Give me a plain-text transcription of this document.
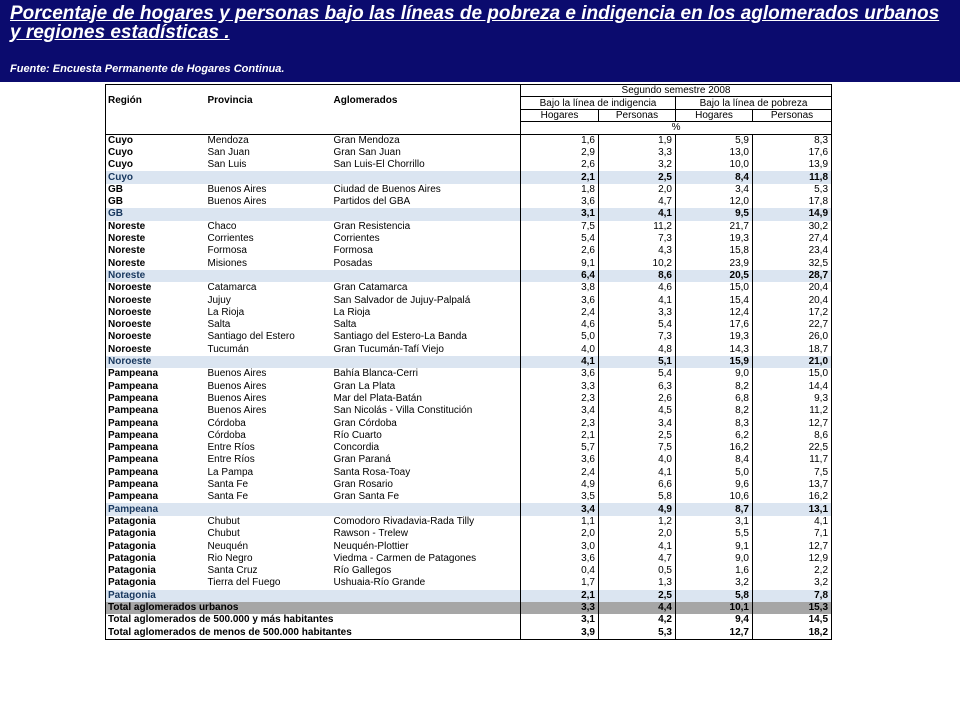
Porcentaje de hogares y personas bajo las líneas de pobreza e indigencia en los aglomerados urbanos y regiones estadísticas .
Fuente: Encuesta Permanente de Hogares Continua.
Región	Provincia	Aglomerados	Segundo semestre 2008			
			Bajo la línea de indigencia		Bajo la línea de pobreza	
			Hogares	Personas	Hogares	Personas
			%			
Cuyo	Mendoza	Gran Mendoza	1,6	1,9	5,9	8,3
Cuyo	San Juan	Gran San Juan	2,9	3,3	13,0	17,6
Cuyo	San Luis	San Luis-El Chorrillo	2,6	3,2	10,0	13,9
Cuyo			2,1	2,5	8,4	11,8
GB	Buenos Aires	Ciudad de Buenos Aires	1,8	2,0	3,4	5,3
GB	Buenos Aires	Partidos del GBA	3,6	4,7	12,0	17,8
GB			3,1	4,1	9,5	14,9
Noreste	Chaco	Gran Resistencia	7,5	11,2	21,7	30,2
Noreste	Corrientes	Corrientes	5,4	7,3	19,3	27,4
Noreste	Formosa	Formosa	2,6	4,3	15,8	23,4
Noreste	Misiones	Posadas	9,1	10,2	23,9	32,5
Noreste			6,4	8,6	20,5	28,7
Noroeste	Catamarca	Gran Catamarca	3,8	4,6	15,0	20,4
Noroeste	Jujuy	San Salvador de Jujuy-Palpalá	3,6	4,1	15,4	20,4
Noroeste	La Rioja	La Rioja	2,4	3,3	12,4	17,2
Noroeste	Salta	Salta	4,6	5,4	17,6	22,7
Noroeste	Santiago del Estero	Santiago del Estero-La Banda	5,0	7,3	19,3	26,0
Noroeste	Tucumán	Gran Tucumán-Tafí Viejo	4,0	4,8	14,3	18,7
Noroeste			4,1	5,1	15,9	21,0
Pampeana	Buenos Aires	Bahía Blanca-Cerri	3,6	5,4	9,0	15,0
Pampeana	Buenos Aires	Gran La Plata	3,3	6,3	8,2	14,4
Pampeana	Buenos Aires	Mar del Plata-Batán	2,3	2,6	6,8	9,3
Pampeana	Buenos Aires	San Nicolás - Villa Constitución	3,4	4,5	8,2	11,2
Pampeana	Córdoba	Gran Córdoba	2,3	3,4	8,3	12,7
Pampeana	Córdoba	Río Cuarto	2,1	2,5	6,2	8,6
Pampeana	Entre Ríos	Concordia	5,7	7,5	16,2	22,5
Pampeana	Entre Ríos	Gran Paraná	3,6	4,0	8,4	11,7
Pampeana	La Pampa	Santa Rosa-Toay	2,4	4,1	5,0	7,5
Pampeana	Santa Fe	Gran Rosario	4,9	6,6	9,6	13,7
Pampeana	Santa Fe	Gran Santa Fe	3,5	5,8	10,6	16,2
Pampeana			3,4	4,9	8,7	13,1
Patagonia	Chubut	Comodoro Rivadavia-Rada Tilly	1,1	1,2	3,1	4,1
Patagonia	Chubut	Rawson - Trelew	2,0	2,0	5,5	7,1
Patagonia	Neuquén	Neuquén-Plottier	3,0	4,1	9,1	12,7
Patagonia	Rio Negro	Viedma - Carmen de Patagones	3,6	4,7	9,0	12,9
Patagonia	Santa Cruz	Río Gallegos	0,4	0,5	1,6	2,2
Patagonia	Tierra del Fuego	Ushuaia-Río Grande	1,7	1,3	3,2	3,2
Patagonia			2,1	2,5	5,8	7,8
Total aglomerados urbanos			3,3	4,4	10,1	15,3
Total aglomerados de 500.000 y más habitantes			3,1	4,2	9,4	14,5
Total aglomerados de menos de 500.000 habitantes			3,9	5,3	12,7	18,2
